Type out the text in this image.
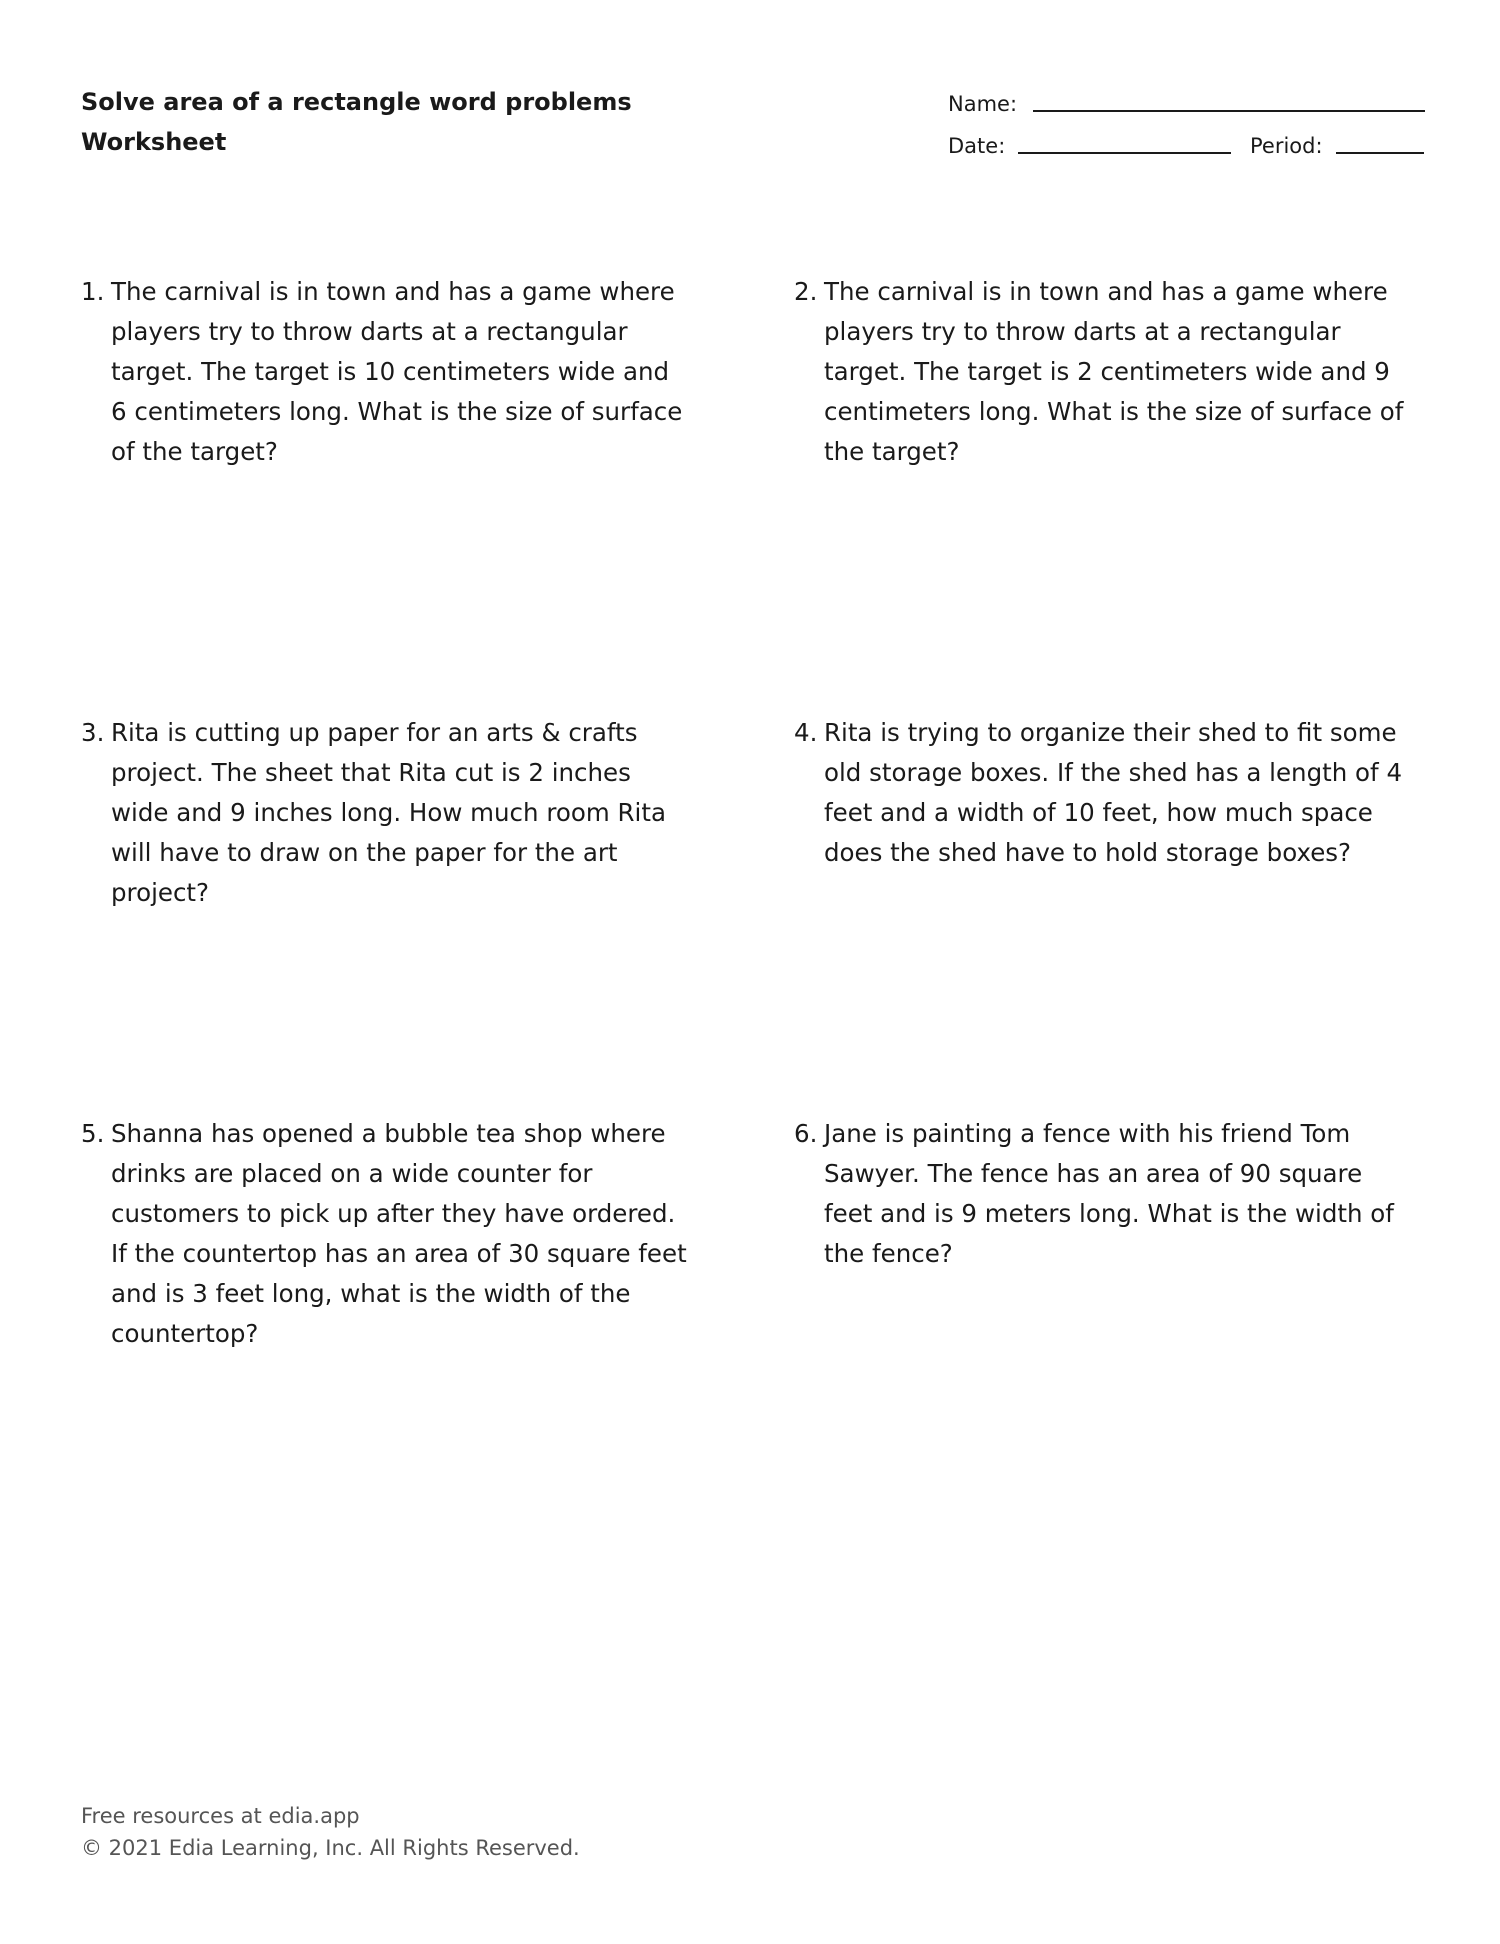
Solve area of a rectangle word problems
Worksheet
Name:
Date:	Period:
1. The carnival is in town and has a game where players try to throw darts at a rectangular target. The target is 10 centimeters wide and 6 centimeters long. What is the size of surface of the target?
2. The carnival is in town and has a game where players try to throw darts at a rectangular target. The target is 2 centimeters wide and 9 centimeters long. What is the size of surface of the target?
3. Rita is cutting up paper for an arts & crafts project. The sheet that Rita cut is 2 inches wide and 9 inches long. How much room Rita will have to draw on the paper for the art project?
4. Rita is trying to organize their shed to fit some old storage boxes. If the shed has a length of 4 feet and a width of 10 feet, how much space does the shed have to hold storage boxes?
5. Shanna has opened a bubble tea shop where drinks are placed on a wide counter for customers to pick up after they have ordered. If the countertop has an area of 30 square feet and is 3 feet long, what is the width of the countertop?
6. Jane is painting a fence with his friend Tom Sawyer. The fence has an area of 90 square feet and is 9 meters long. What is the width of the fence?
Free resources at edia.app
© 2021 Edia Learning, Inc. All Rights Reserved.
